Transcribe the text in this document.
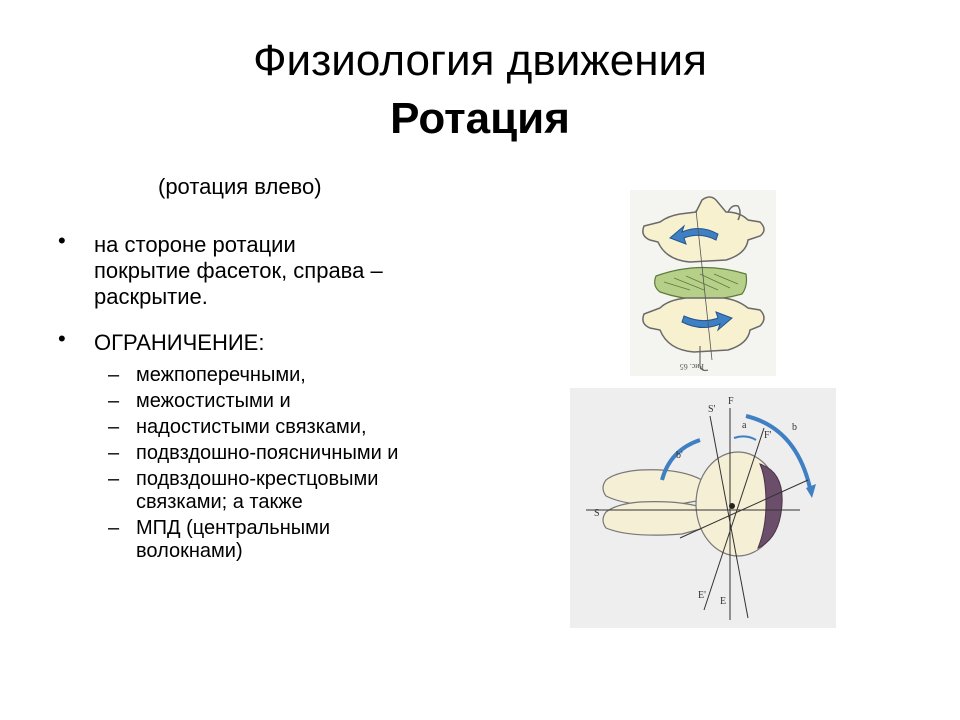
Физиология движения
Ротация
(ротация влево)
• на стороне ротации
покрытие фасеток, справа –
раскрытие.
• ОГРАНИЧЕНИЕ:
– межпоперечными,
– межостистыми и
– надостистыми связками,
– подвздошно-поясничными и
– подвздошно-крестцовыми
связками; а также
– МПД (центральными
волокнами)
Рис. 65
S
S'
F
a
F'
b
b'
E
E'
